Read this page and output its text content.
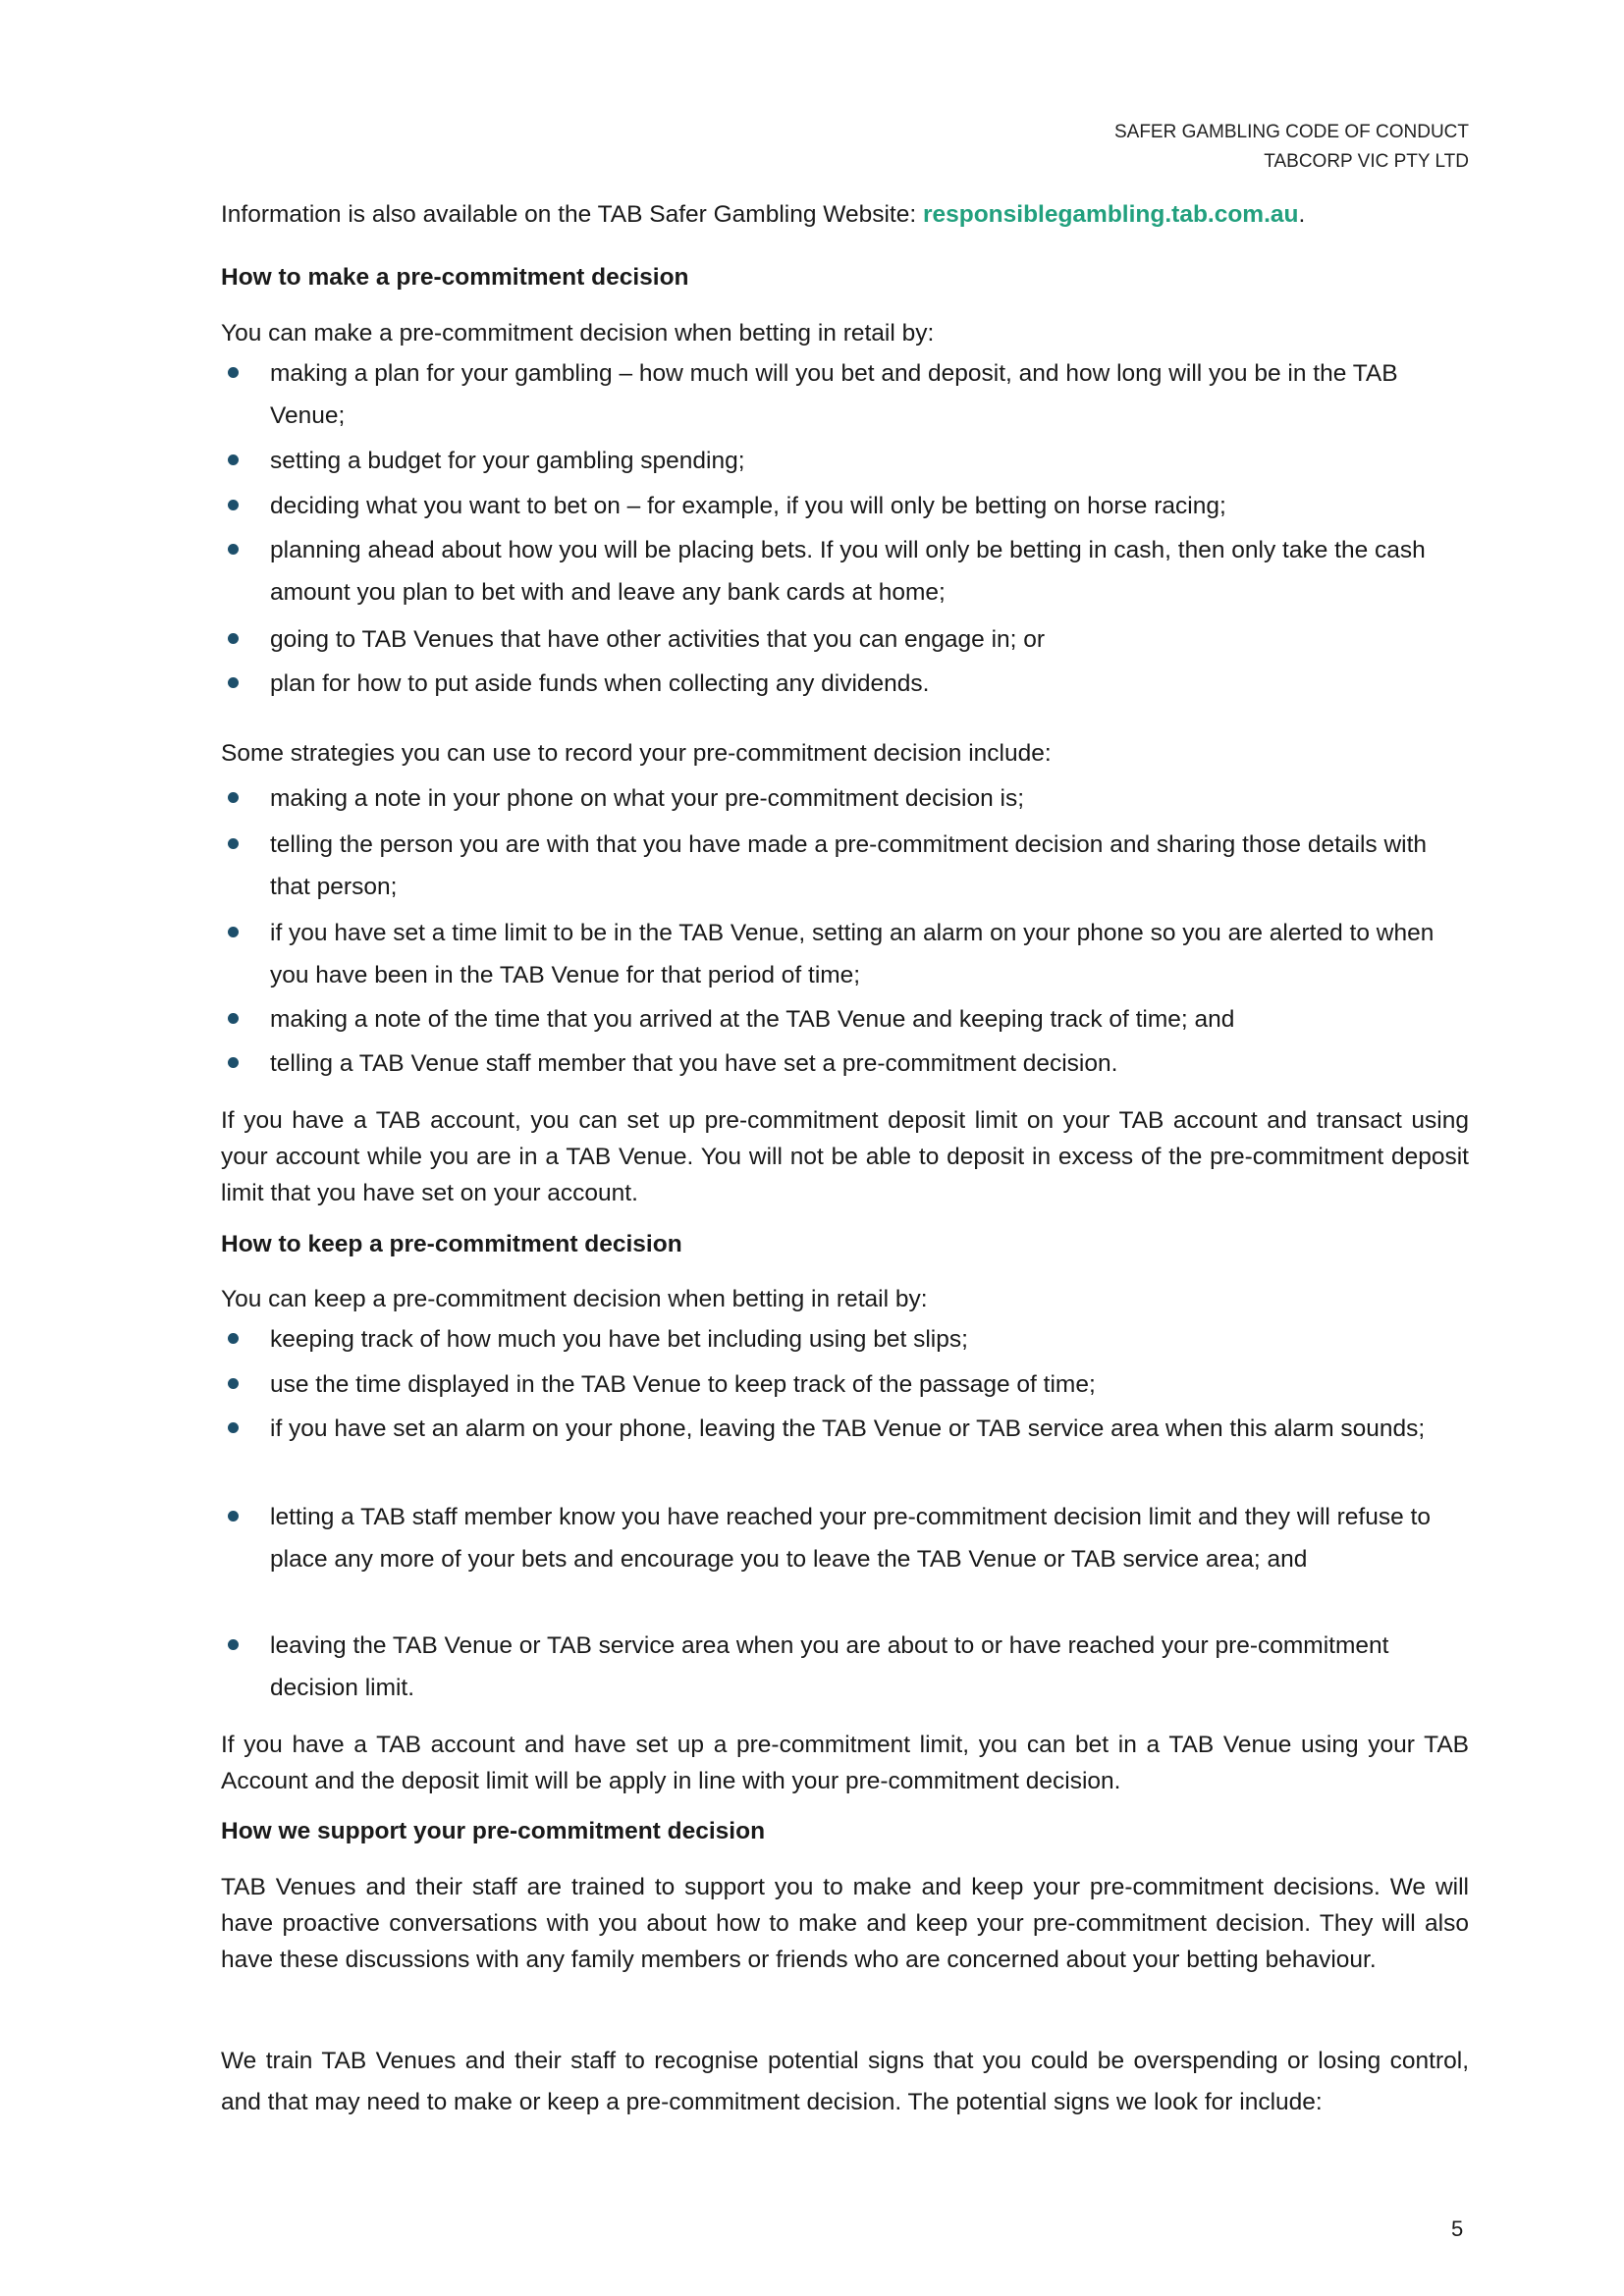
SAFER GAMBLING CODE OF CONDUCT
TABCORP VIC PTY LTD
Information is also available on the TAB Safer Gambling Website: responsiblegambling.tab.com.au.
How to make a pre-commitment decision
You can make a pre-commitment decision when betting in retail by:
making a plan for your gambling – how much will you bet and deposit, and how long will you be in the TAB Venue;
setting a budget for your gambling spending;
deciding what you want to bet on – for example, if you will only be betting on horse racing;
planning ahead about how you will be placing bets. If you will only be betting in cash, then only take the cash amount you plan to bet with and leave any bank cards at home;
going to TAB Venues that have other activities that you can engage in; or
plan for how to put aside funds when collecting any dividends.
Some strategies you can use to record your pre-commitment decision include:
making a note in your phone on what your pre-commitment decision is;
telling the person you are with that you have made a pre-commitment decision and sharing those details with that person;
if you have set a time limit to be in the TAB Venue, setting an alarm on your phone so you are alerted to when you have been in the TAB Venue for that period of time;
making a note of the time that you arrived at the TAB Venue and keeping track of time; and
telling a TAB Venue staff member that you have set a pre-commitment decision.
If you have a TAB account, you can set up pre-commitment deposit limit on your TAB account and transact using your account while you are in a TAB Venue. You will not be able to deposit in excess of the pre-commitment deposit limit that you have set on your account.
How to keep a pre-commitment decision
You can keep a pre-commitment decision when betting in retail by:
keeping track of how much you have bet including using bet slips;
use the time displayed in the TAB Venue to keep track of the passage of time;
if you have set an alarm on your phone, leaving the TAB Venue or TAB service area when this alarm sounds;
letting a TAB staff member know you have reached your pre-commitment decision limit and they will refuse to place any more of your bets and encourage you to leave the TAB Venue or TAB service area; and
leaving the TAB Venue or TAB service area when you are about to or have reached your pre-commitment decision limit.
If you have a TAB account and have set up a pre-commitment limit, you can bet in a TAB Venue using your TAB Account and the deposit limit will be apply in line with your pre-commitment decision.
How we support your pre-commitment decision
TAB Venues and their staff are trained to support you to make and keep your pre-commitment decisions. We will have proactive conversations with you about how to make and keep your pre-commitment decision. They will also have these discussions with any family members or friends who are concerned about your betting behaviour.
We train TAB Venues and their staff to recognise potential signs that you could be overspending or losing control, and that may need to make or keep a pre-commitment decision. The potential signs we look for include:
5
